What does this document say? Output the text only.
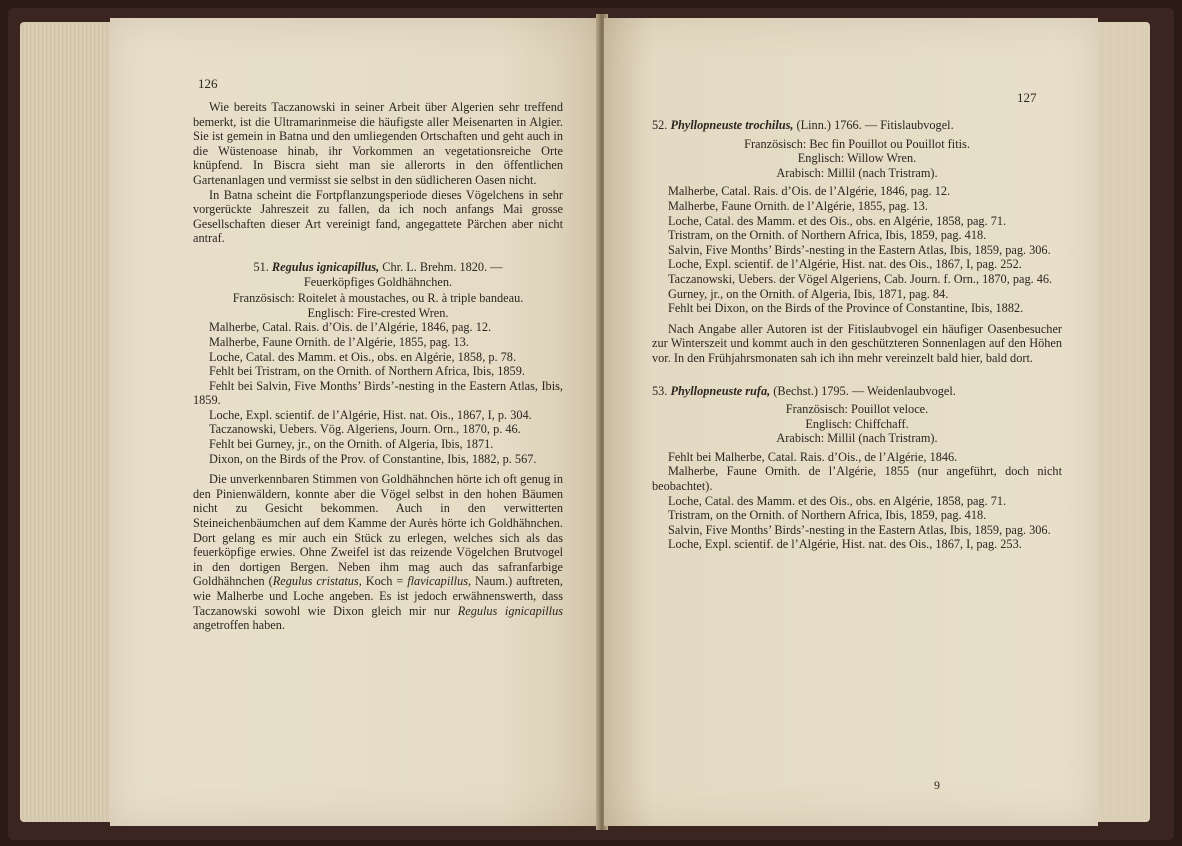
126

Wie bereits Taczanowski in seiner Arbeit über Algerien sehr treffend bemerkt, ist die Ultramarinmeise die häufigste aller Meisenarten in Algier. Sie ist gemein in Batna und den umliegenden Ortschaften und geht auch in die Wüstenoase hinab, ihr Vorkommen an vegetationsreiche Orte knüpfend. In Biscra sieht man sie allerorts in den öffentlichen Gartenanlagen und vermisst sie selbst in den südlicheren Oasen nicht.

In Batna scheint die Fortpflanzungsperiode dieses Vögelchens in sehr vorgerückte Jahreszeit zu fallen, da ich noch anfangs Mai grosse Gesellschaften dieser Art vereinigt fand, angegattete Pärchen aber nicht antraf.

51. Regulus ignicapillus, Chr. L. Brehm. 1820. —
Feuerköpfiges Goldhähnchen.

Französisch: Roitelet à moustaches, ou R. à triple bandeau.

Englisch: Fire-crested Wren.

Malherbe, Catal. Rais. d’Ois. de l’Algérie, 1846, pag. 12.

Malherbe, Faune Ornith. de l’Algérie, 1855, pag. 13.

Loche, Catal. des Mamm. et Ois., obs. en Algérie, 1858, p. 78.

Fehlt bei Tristram, on the Ornith. of Northern Africa, Ibis, 1859.

Fehlt bei Salvin, Five Months’ Birds’-nesting in the Eastern Atlas, Ibis, 1859.

Loche, Expl. scientif. de l’Algérie, Hist. nat. Ois., 1867, I, p. 304.

Taczanowski, Uebers. Vög. Algeriens, Journ. Orn., 1870, p. 46.

Fehlt bei Gurney, jr., on the Ornith. of Algeria, Ibis, 1871.

Dixon, on the Birds of the Prov. of Constantine, Ibis, 1882, p. 567.

Die unverkennbaren Stimmen von Goldhähnchen hörte ich oft genug in den Pinienwäldern, konnte aber die Vögel selbst in den hohen Bäumen nicht zu Gesicht bekommen. Auch in den verwitterten Steineichenbäumchen auf dem Kamme der Aurès hörte ich Goldhähnchen. Dort gelang es mir auch ein Stück zu erlegen, welches sich als das feuerköpfige erwies. Ohne Zweifel ist das reizende Vögelchen Brutvogel in den dortigen Bergen. Neben ihm mag auch das safranfarbige Goldhähnchen (Regulus cristatus, Koch = flavicapillus, Naum.) auftreten, wie Malherbe und Loche angeben. Es ist jedoch erwähnenswerth, dass Taczanowski sowohl wie Dixon gleich mir nur Regulus ignicapillus angetroffen haben.

127

52. Phyllopneuste trochilus, (Linn.) 1766. — Fitislaubvogel.

Französisch: Bec fin Pouillot ou Pouillot fitis.

Englisch: Willow Wren.

Arabisch: Millil (nach Tristram).

Malherbe, Catal. Rais. d’Ois. de l’Algérie, 1846, pag. 12.

Malherbe, Faune Ornith. de l’Algérie, 1855, pag. 13.

Loche, Catal. des Mamm. et des Ois., obs. en Algérie, 1858, pag. 71.

Tristram, on the Ornith. of Northern Africa, Ibis, 1859, pag. 418.

Salvin, Five Months’ Birds’-nesting in the Eastern Atlas, Ibis, 1859, pag. 306.

Loche, Expl. scientif. de l’Algérie, Hist. nat. des Ois., 1867, I, pag. 252.

Taczanowski, Uebers. der Vögel Algeriens, Cab. Journ. f. Orn., 1870, pag. 46.

Gurney, jr., on the Ornith. of Algeria, Ibis, 1871, pag. 84.

Fehlt bei Dixon, on the Birds of the Province of Constantine, Ibis, 1882.

Nach Angabe aller Autoren ist der Fitislaubvogel ein häufiger Oasenbesucher zur Winterszeit und kommt auch in den geschützteren Sonnenlagen auf den Höhen vor. In den Frühjahrsmonaten sah ich ihn mehr vereinzelt bald hier, bald dort.

53. Phyllopneuste rufa, (Bechst.) 1795. — Weidenlaubvogel.

Französisch: Pouillot veloce.

Englisch: Chiffchaff.

Arabisch: Millil (nach Tristram).

Fehlt bei Malherbe, Catal. Rais. d’Ois., de l’Algérie, 1846.

Malherbe, Faune Ornith. de l’Algérie, 1855 (nur angeführt, doch nicht beobachtet).

Loche, Catal. des Mamm. et des Ois., obs. en Algérie, 1858, pag. 71.

Tristram, on the Ornith. of Northern Africa, Ibis, 1859, pag. 418.

Salvin, Five Months’ Birds’-nesting in the Eastern Atlas, Ibis, 1859, pag. 306.

Loche, Expl. scientif. de l’Algérie, Hist. nat. des Ois., 1867, I, pag. 253.

9
